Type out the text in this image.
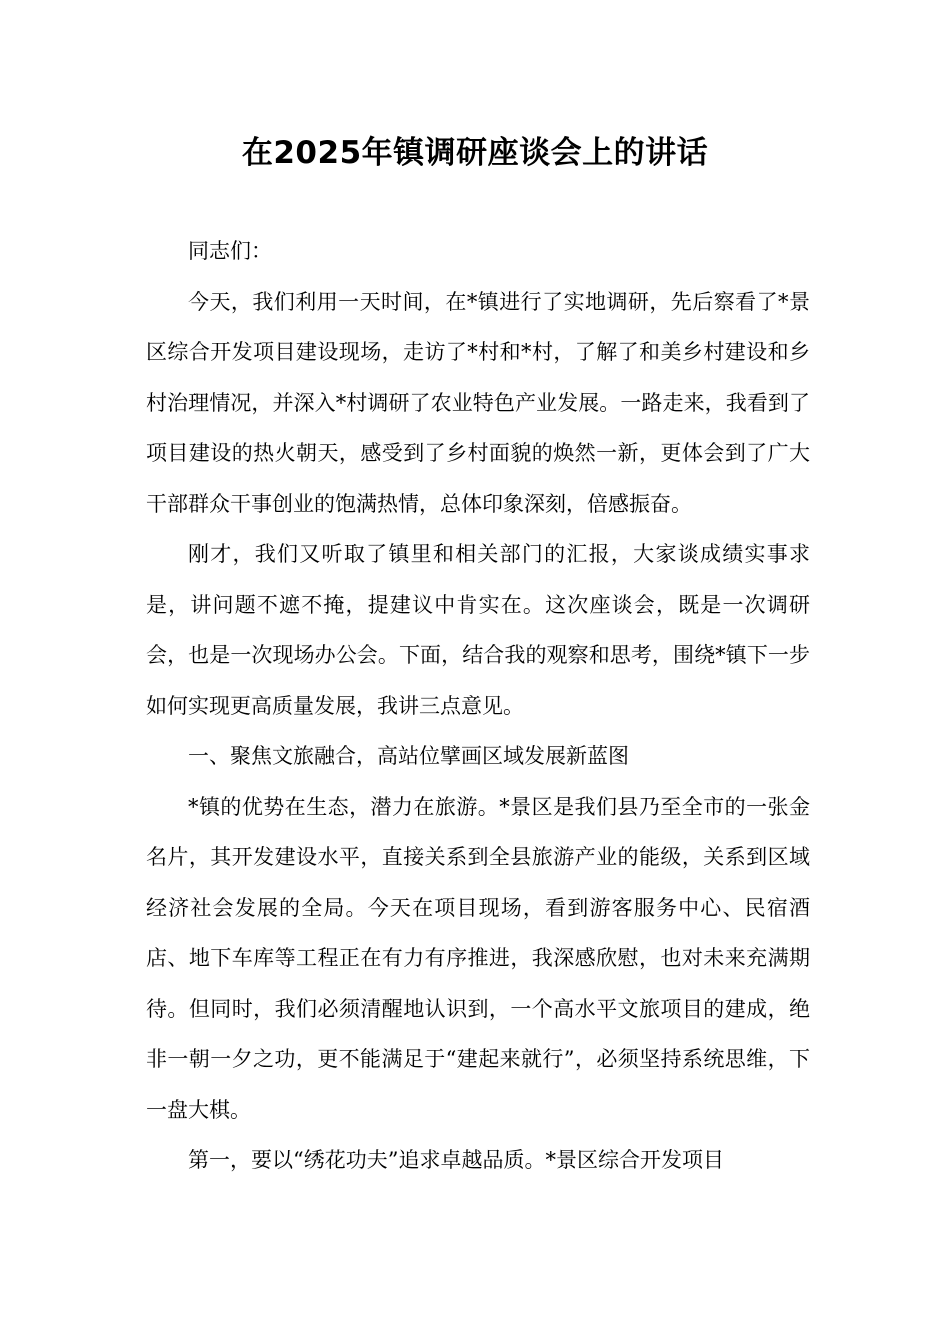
在2025年镇调研座谈会上的讲话

同志们：

今天，我们利用一天时间，在*镇进行了实地调研，先后察看了*景区综合开发项目建设现场，走访了*村和*村，了解了和美乡村建设和乡村治理情况，并深入*村调研了农业特色产业发展。一路走来，我看到了项目建设的热火朝天，感受到了乡村面貌的焕然一新，更体会到了广大干部群众干事创业的饱满热情，总体印象深刻，倍感振奋。

刚才，我们又听取了镇里和相关部门的汇报，大家谈成绩实事求是，讲问题不遮不掩，提建议中肯实在。这次座谈会，既是一次调研会，也是一次现场办公会。下面，结合我的观察和思考，围绕*镇下一步如何实现更高质量发展，我讲三点意见。

一、聚焦文旅融合，高站位擘画区域发展新蓝图

*镇的优势在生态，潜力在旅游。*景区是我们县乃至全市的一张金名片，其开发建设水平，直接关系到全县旅游产业的能级，关系到区域经济社会发展的全局。今天在项目现场，看到游客服务中心、民宿酒店、地下车库等工程正在有力有序推进，我深感欣慰，也对未来充满期待。但同时，我们必须清醒地认识到，一个高水平文旅项目的建成，绝非一朝一夕之功，更不能满足于“建起来就行”，必须坚持系统思维，下一盘大棋。

第一，要以“绣花功夫”追求卓越品质。*景区综合开发项目
